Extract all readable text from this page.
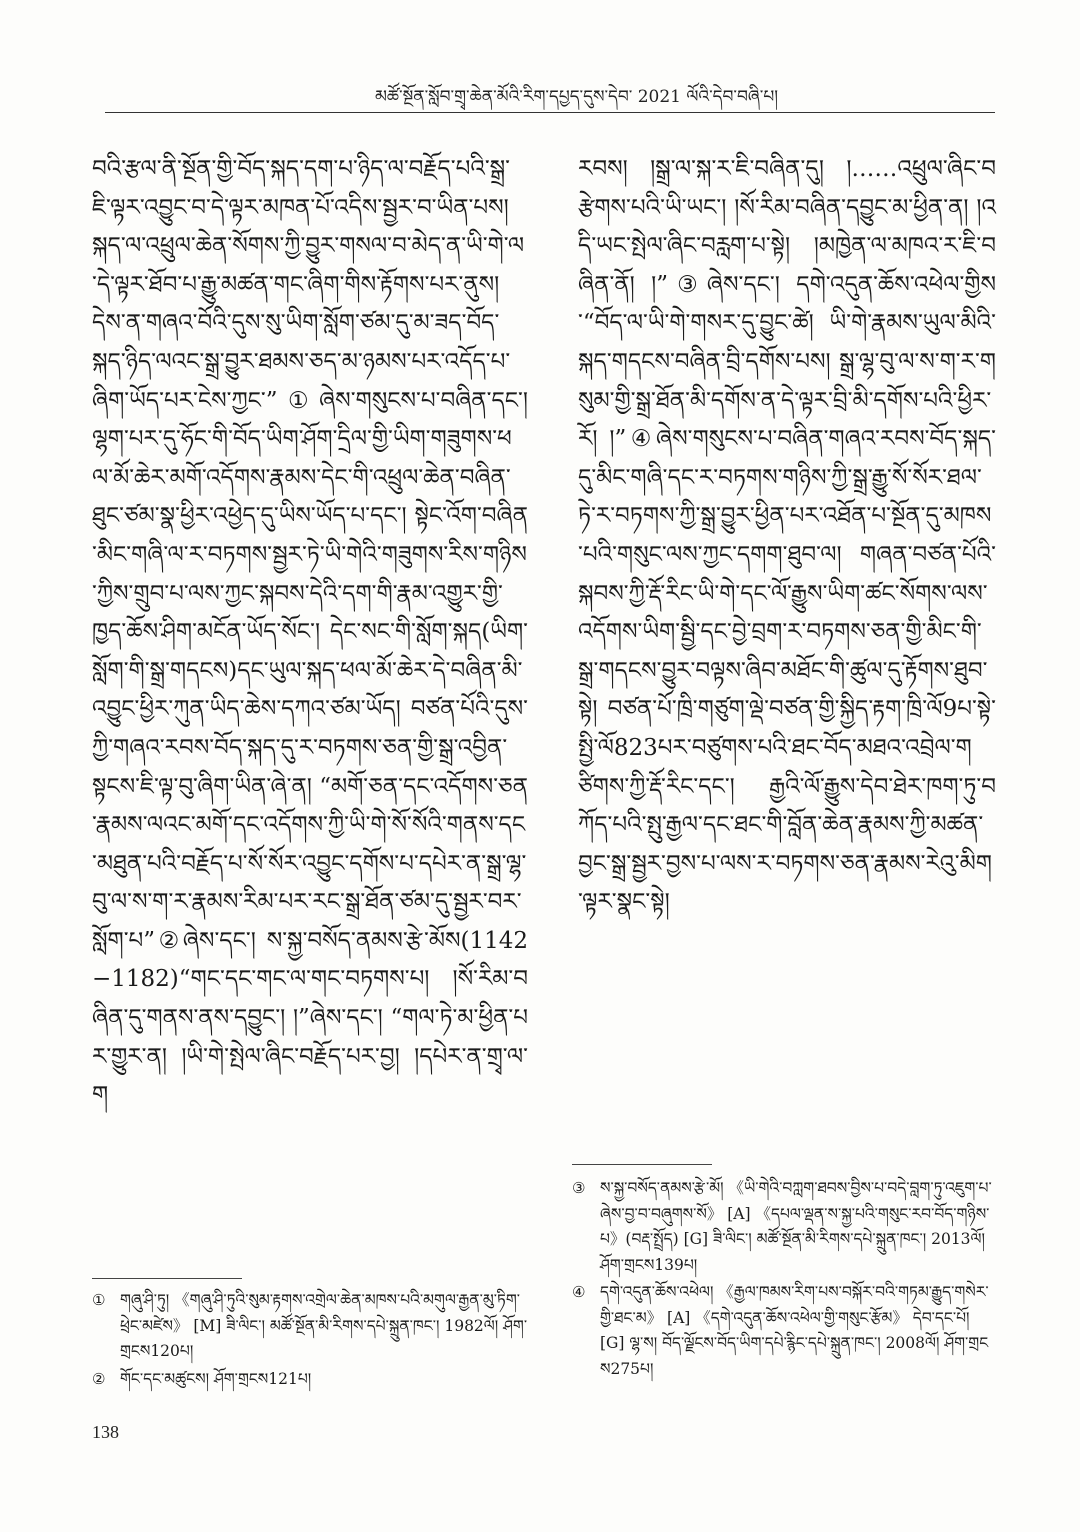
མཚོ་སྔོན་སློབ་གྲྭ་ཆེན་མོའི་རིག་དཔྱད་དུས་དེབ་ 2021 ལོའི་དེབ་བཞི་པ།

བའི་རྩལ་ནི་སྔོན་གྱི་བོད་སྐད་དག་པ་ཉིད་ལ་བརྗོད་པའི་སྒྲ་ཇི་ལྟར་འབྱུང་བ་དེ་ལྟར་མཁན་པོ་འདིས་སྦྱར་བ་ཡིན་པས། སྐད་ལ་འཕྲུལ་ཆེན་སོགས་ཀྱི་བྱུར་གསལ་བ་མེད་ན་ཡི་གེ་ལ་དེ་ལྟར་ཐོབ་པ་རྒྱུ་མཚན་གང་ཞིག་གིས་རྟོགས་པར་ནུས། དེས་ན་གཞའ་བོའི་དུས་སུ་ཡིག་སློག་ཙམ་དུ་མ་ཟད་བོད་སྐད་ཉིད་ལའང་སྒྲ་བྱུར་ཐམས་ཅད་མ་ཉམས་པར་འདོད་པ་ཞིག་ཡོད་པར་ངེས་ཀྱང་”①ཞེས་གསུངས་པ་བཞིན་དང་། ལྷག་པར་དུ་ཧོང་གི་བོད་ཡིག་ཤོག་དྲིལ་གྱི་ཡིག་གཟུགས་ཕལ་མོ་ཆེར་མགོ་འདོགས་རྣམས་དེང་གི་འཕྲུལ་ཆེན་བཞིན་ཐུང་ཙམ་སྣ་ཕྱིར་འཕྱེད་དུ་ཡིས་ཡོད་པ་དང་། སྟེང་འོག་བཞིན་མིང་གཞི་ལ་ར་བཏགས་སྦྱར་ཏེ་ཡི་གེའི་གཟུགས་རིས་གཉིས་ཀྱིས་གྲུབ་པ་ལས་ཀྱང་སྐབས་དེའི་དག་གི་རྣམ་འགྱུར་གྱི་ཁྱད་ཆོས་ཤིག་མངོན་ཡོད་སོང་། དེང་སང་གི་སློག་སྐད(ཡིག་སློག་གི་སྒྲ་གདངས)དང་ཡུལ་སྐད་ཕལ་མོ་ཆེར་དེ་བཞིན་མི་འབྱུང་ཕྱིར་ཀུན་ཡིད་ཆེས་དཀའ་ཙམ་ཡོད། བཙན་པོའི་དུས་ཀྱི་གཞའ་རབས་བོད་སྐད་དུ་ར་བཏགས་ཅན་གྱི་སྒྲ་འབྱིན་སྟངས་ཇི་ལྟ་བུ་ཞིག་ཡིན་ཞེ་ན། “མགོ་ཅན་དང་འདོགས་ཅན་རྣམས་ལའང་མགོ་དང་འདོགས་ཀྱི་ཡི་གེ་སོ་སོའི་གནས་དང་མཐུན་པའི་བརྗོད་པ་སོ་སོར་འབྱུང་དགོས་པ་དཔེར་ན་སྒྲ་ལྷ་བུ་ལ་ས་ག་ར་རྣམས་རིམ་པར་རང་སྒྲ་ཐོན་ཙམ་དུ་སྦྱར་བར་སློག་པ”②ཞེས་དང་། ས་སྐྱ་བསོད་ནམས་རྩེ་མོས(1142−1182)“གང་དང་གང་ལ་གང་བཏགས་པ། །སོ་རིམ་བཞིན་དུ་གནས་ནས་དབྱུང་། །”ཞེས་དང་། “གལ་ཏེ་མ་ཕྱིན་པར་གྱུར་ན། །ཡི་གེ་སྤེལ་ཞིང་བརྗོད་པར་བྱ། །དཔེར་ན་གྲྭ་ལ་ག

རབས། །སྒྲ་ལ་སྐ་ར་ཇི་བཞིན་དུ། །……འཕྲུལ་ཞིང་བརྩེགས་པའི་ཡི་ཡང་། །སོ་རིམ་བཞིན་དབྱུང་མ་ཕྱིན་ན། །འདི་ཡང་སྤེལ་ཞིང་བརླག་པ་སྟེ། །མཁྱེན་ལ་མཁའ་ར་ཇི་བཞིན་ནོ། །”③ཞེས་དང་། དགེ་འདུན་ཆོས་འཕེལ་གྱིས་“བོད་ལ་ཡི་གེ་གསར་དུ་བྱུང་ཚེ། ཡི་གེ་རྣམས་ཡུལ་མིའི་སྐད་གདངས་བཞིན་བྲི་དགོས་པས། སྒྲ་ལྷ་བུ་ལ་ས་ག་ར་གསུམ་གྱི་སྒྲ་ཐོན་མི་དགོས་ན་དེ་ལྟར་བྲི་མི་དགོས་པའི་ཕྱིར་རོ། །”④ཞེས་གསུངས་པ་བཞིན་གཞའ་རབས་བོད་སྐད་དུ་མིང་གཞི་དང་ར་བཏགས་གཉིས་ཀྱི་སྒྲ་རྒྱུ་སོ་སོར་ཐལ་ཏེ་ར་བཏགས་ཀྱི་སྒྲ་བྱུར་ཕྱིན་པར་འཐོན་པ་སྔོན་དུ་མཁས་པའི་གསུང་ལས་ཀྱང་དགག་ཐུབ་ལ། གཞན་བཙན་པོའི་སྐབས་ཀྱི་རྡོ་རིང་ཡི་གེ་དང་ལོ་རྒྱུས་ཡིག་ཚང་སོགས་ལས་འདོགས་ཡིག་སྦྱི་དང་བྱེ་བྲག་ར་བཏགས་ཅན་གྱི་མིང་གི་སྒྲ་གདངས་བྱུར་བལྟས་ཞིབ་མཐོང་གི་ཚུལ་དུ་རྟོགས་ཐུབ་སྟེ། བཙན་པོ་ཁྲི་གཙུག་ལྡེ་བཙན་གྱི་སྐྱིད་རྟག་ཁྲི་ལོ9པ་སྟེ་སྤྱི་ལོ823པར་བཙུགས་པའི་ཐང་བོད་མཐའ་འབྲེལ་གཙིགས་ཀྱི་རྡོ་རིང་དང་། རྒྱའི་ལོ་རྒྱུས་དེབ་ཐེར་ཁག་ཏུ་བཀོད་པའི་སྤུ་རྒྱལ་དང་ཐང་གི་བློན་ཆེན་རྣམས་ཀྱི་མཚན་བྱང་སྒྲ་སྦྱར་བྱས་པ་ལས་ར་བཏགས་ཅན་རྣམས་རེའུ་མིག་ལྟར་སྣང་སྟེ།

① གཞུ་ཤི་ཏུ། 《གཞུ་ཤི་ཏུའི་སུམ་རྟགས་འགྲེལ་ཆེན་མཁས་པའི་མགུལ་རྒྱན་མུ་ཏིག་ཕྲེང་མཛེས》 [M] ཟི་ལིང་། མཚོ་སྔོན་མི་རིགས་དཔེ་སྐྲུན་ཁང་། 1982ལོ། ཤོག་གྲངས120པ།
② གོང་དང་མཚུངས། ཤོག་གྲངས121པ།
③ ས་སྐྱ་བསོད་ནམས་རྩེ་མོ། 《ཡི་གེའི་བཀླག་ཐབས་བྱིས་པ་བདེ་བླག་ཏུ་འཇུག་པ་ཞེས་བྱ་བ་བཞུགས་སོ》 [A] 《དཔལ་ལྡན་ས་སྐྱ་པའི་གསུང་རབ་བོད་གཉིས་པ》(བརྡ་སྤྲོད) [G] ཟི་ལིང་། མཚོ་སྔོན་མི་རིགས་དཔེ་སྐྲུན་ཁང་། 2013ལོ། ཤོག་གྲངས139པ།
④ དགེ་འདུན་ཆོས་འཕེལ། 《རྒྱལ་ཁམས་རིག་པས་བསྐོར་བའི་གཏམ་རྒྱུད་གསེར་གྱི་ཐང་མ》 [A] 《དགེ་འདུན་ཆོས་འཕེལ་གྱི་གསུང་རྩོམ》 དེབ་དང་པོ། [G] ལྷ་ས། བོད་ལྗོངས་བོད་ཡིག་དཔེ་རྙིང་དཔེ་སྐྲུན་ཁང་། 2008ལོ། ཤོག་གྲངས275པ།
138
